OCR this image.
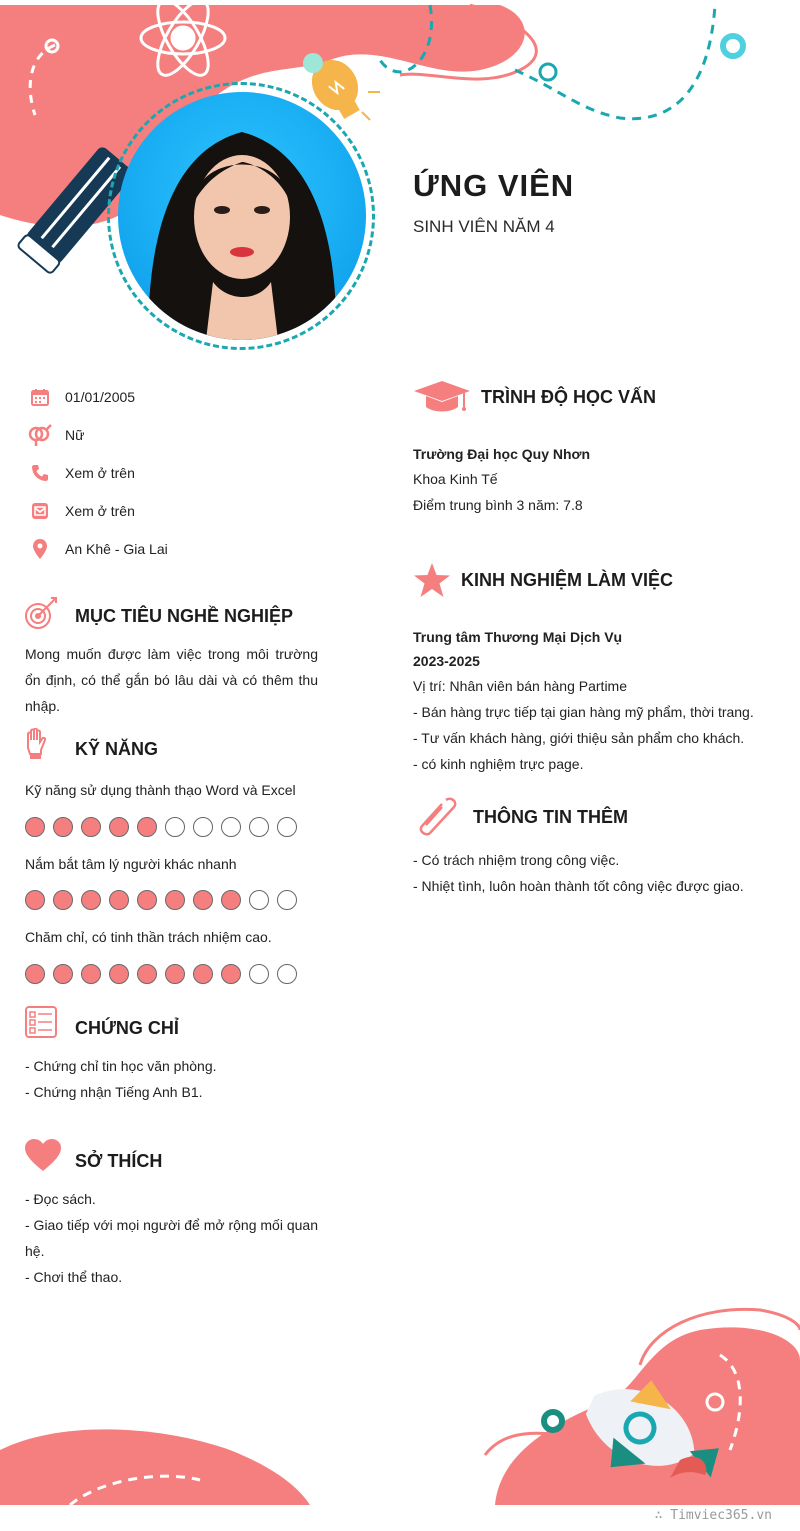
ỨNG VIÊN
SINH VIÊN NĂM 4
01/01/2005
Nữ
Xem ở trên
Xem ở trên
An Khê - Gia Lai
MỤC TIÊU NGHỀ NGHIỆP
Mong muốn được làm việc trong môi trường ổn định, có thể gắn bó lâu dài và có thêm thu nhập.
KỸ NĂNG
Kỹ năng sử dụng thành thạo Word và Excel
Nắm bắt tâm lý người khác nhanh
Chăm chỉ, có tinh thần trách nhiệm cao.
CHỨNG CHỈ
- Chứng chỉ tin học văn phòng.
- Chứng nhận Tiếng Anh B1.
SỞ THÍCH
- Đọc sách.
- Giao tiếp với mọi người để mở rộng mối quan hệ.
- Chơi thể thao.
TRÌNH ĐỘ HỌC VẤN
Trường Đại học Quy Nhơn
Khoa Kinh Tế
Điểm trung bình 3 năm: 7.8
KINH NGHIỆM LÀM VIỆC
Trung tâm Thương Mại Dịch Vụ
2023-2025
Vị trí: Nhân viên bán hàng Partime
- Bán hàng trực tiếp tại gian hàng mỹ phẩm, thời trang.
- Tư vấn khách hàng, giới thiệu sản phẩm cho khách.
- có kinh nghiệm trực page.
THÔNG TIN THÊM
- Có trách nhiệm trong công việc.
- Nhiệt tình, luôn hoàn thành tốt công việc được giao.
∴ Timviec365.vn
